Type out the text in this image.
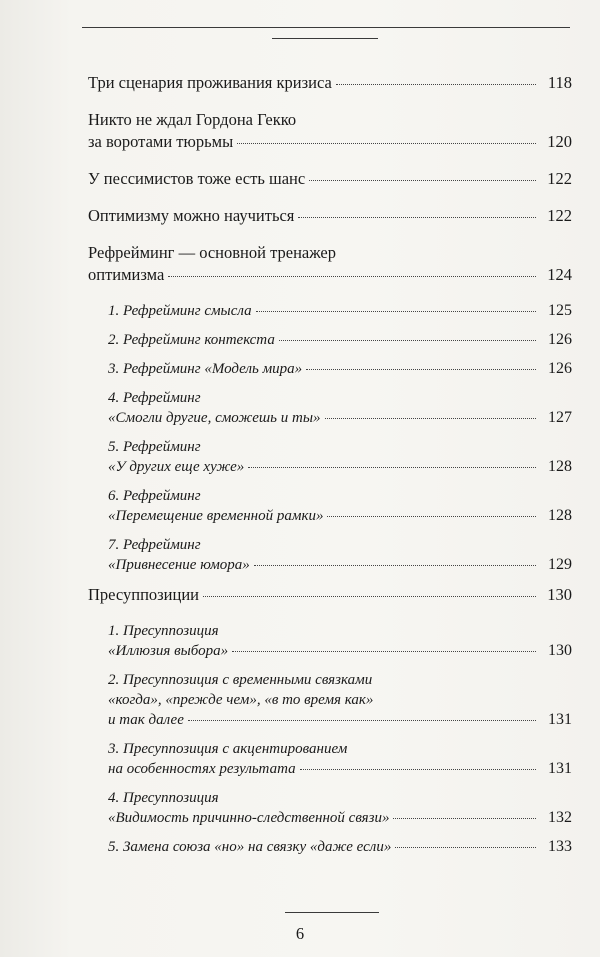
Три сценария проживания кризиса	118
Никто не ждал Гордона Гекко
за воротами тюрьмы	120
У пессимистов тоже есть шанс	122
Оптимизму можно научиться	122
Рефрейминг — основной тренажер
оптимизма	124
1. Рефрейминг смысла	125
2. Рефрейминг контекста	126
3. Рефрейминг «Модель мира»	126
4. Рефрейминг
«Смогли другие, сможешь и ты»	127
5. Рефрейминг
«У других еще хуже»	128
6. Рефрейминг
«Перемещение временной рамки»	128
7. Рефрейминг
«Привнесение юмора»	129
Пресуппозиции	130
1. Пресуппозиция
«Иллюзия выбора»	130
2. Пресуппозиция с временными связками
«когда», «прежде чем», «в то время как»
и так далее	131
3. Пресуппозиция с акцентированием
на особенностях результата	131
4. Пресуппозиция
«Видимость причинно-следственной связи»	132
5. Замена союза «но» на связку «даже если»	133
6
